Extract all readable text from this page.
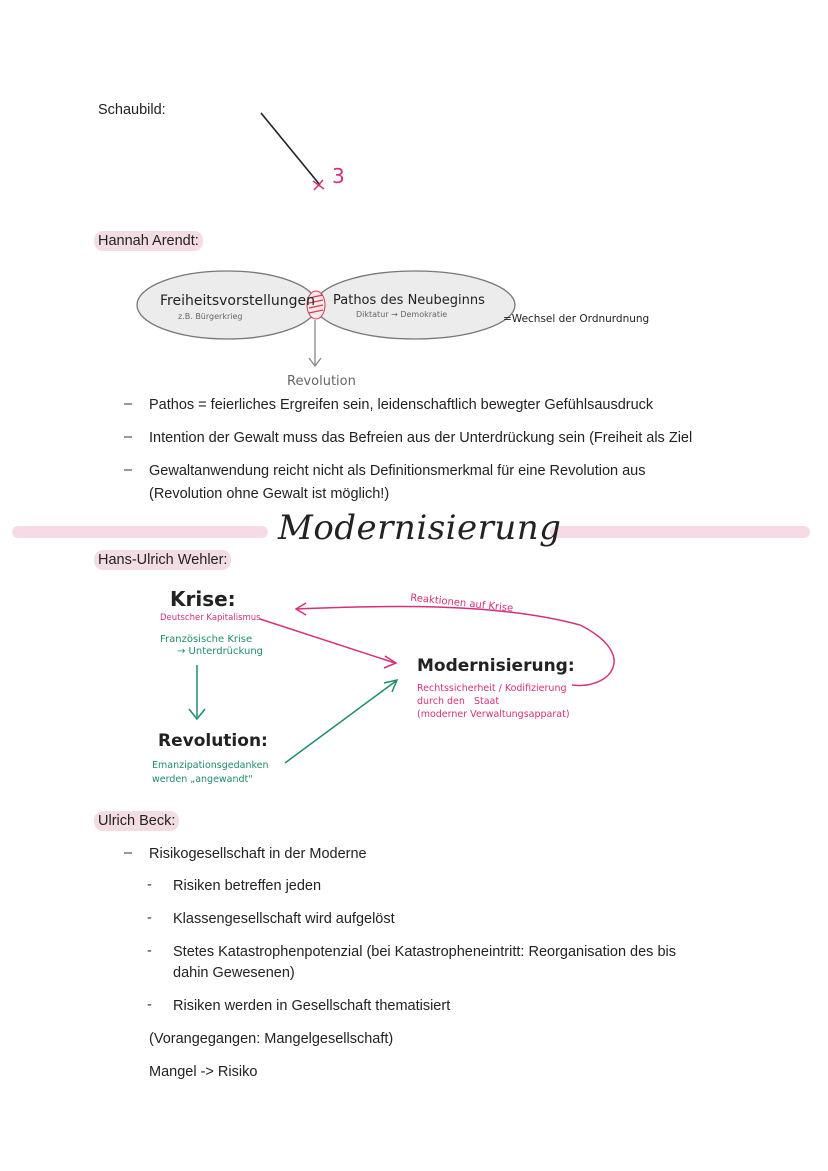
Schaubild:
3
Hannah Arendt:
Freiheitsvorstellungen
z.B. Bürgerkrieg
Pathos des Neubeginns
Diktatur → Demokratie	=Wechsel der Ordnurdnung
Revolution
– Pathos = feierliches Ergreifen sein, leidenschaftlich bewegter Gefühlsausdruck
– Intention der Gewalt muss das Befreien aus der Unterdrückung sein (Freiheit als Ziel
– Gewaltanwendung reicht nicht als Definitionsmerkmal für eine Revolution aus
(Revolution ohne Gewalt ist möglich!)
Modernisierung
Hans-Ulrich Wehler:
Krise:
Deutscher Kapitalismus
Französische Krise
→ Unterdrückung
Revolution:
Emanzipationsgedanken
werden „angewandt"
Reaktionen auf Krise
Modernisierung:
Rechtssicherheit / Kodifizierung
durch den   Staat
(moderner Verwaltungsapparat)
Ulrich Beck:
– Risikogesellschaft in der Moderne
- Risiken betreffen jeden
- Klassengesellschaft wird aufgelöst
- Stetes Katastrophenpotenzial (bei Katastropheneintritt: Reorganisation des bis
dahin Gewesenen)
- Risiken werden in Gesellschaft thematisiert
(Vorangegangen: Mangelgesellschaft)
Mangel -> Risiko
